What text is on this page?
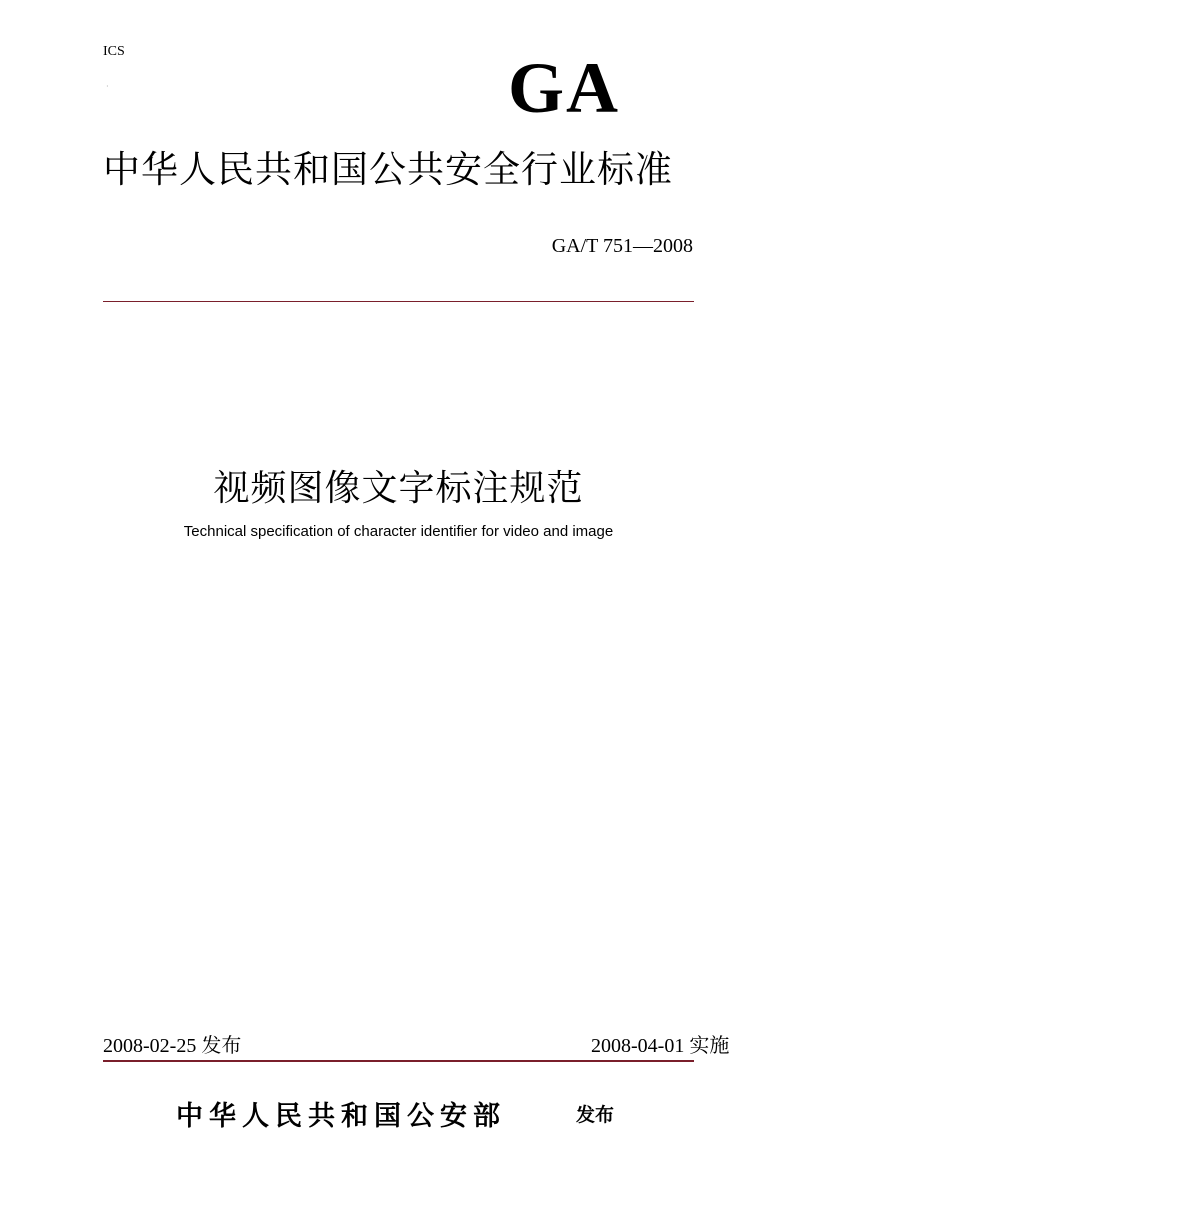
ICS
·	GA
中华人民共和国公共安全行业标准
GA/T 751—2008
视频图像文字标注规范
Technical specification of character identifier for video and image
2008-02-25 发布	2008-04-01 实施
中华人民共和国公安部	发布
